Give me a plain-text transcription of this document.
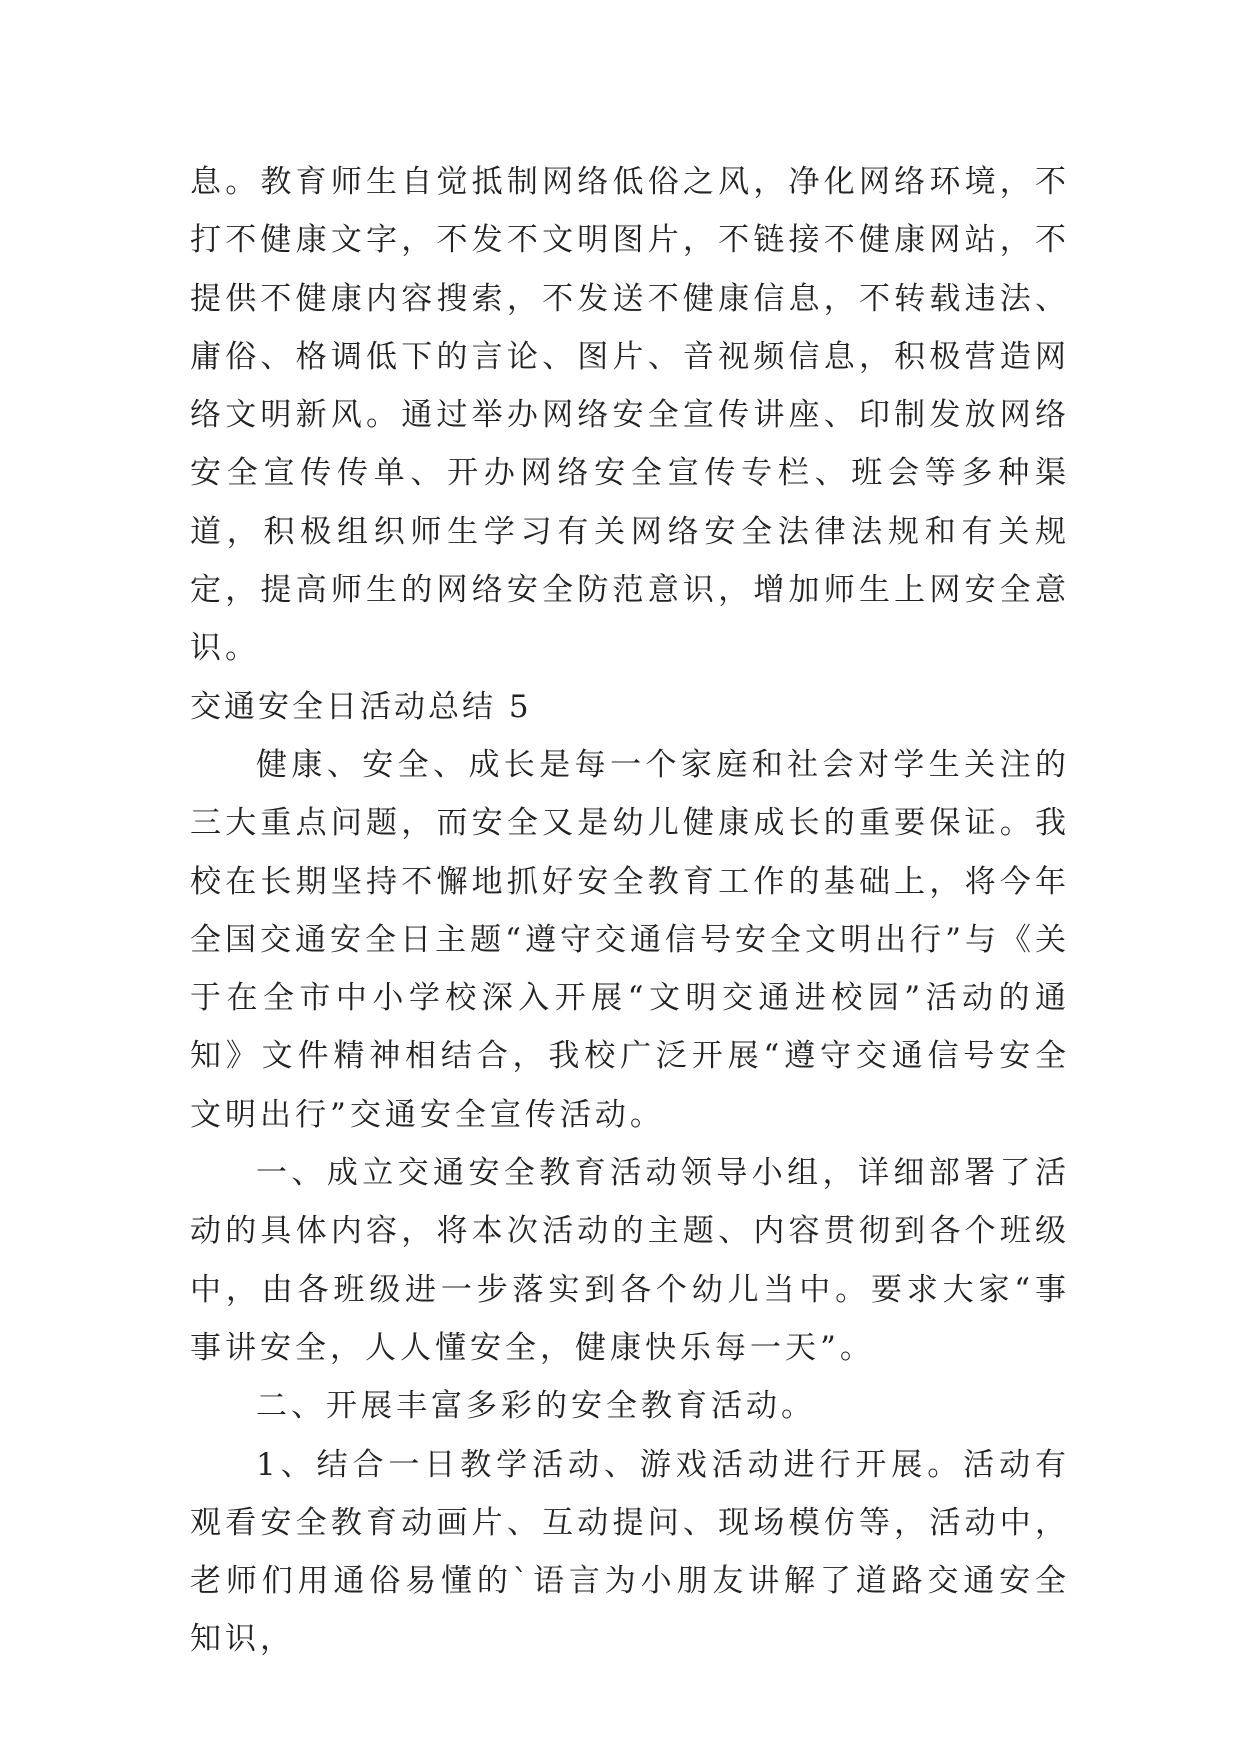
息。教育师生自觉抵制网络低俗之风，净化网络环境，不打不健康文字，不发不文明图片，不链接不健康网站，不提供不健康内容搜索，不发送不健康信息，不转载违法、庸俗、格调低下的言论、图片、音视频信息，积极营造网络文明新风。通过举办网络安全宣传讲座、印制发放网络安全宣传传单、开办网络安全宣传专栏、班会等多种渠道，积极组织师生学习有关网络安全法律法规和有关规定，提高师生的网络安全防范意识，增加师生上网安全意识。

交通安全日活动总结 5

健康、安全、成长是每一个家庭和社会对学生关注的三大重点问题，而安全又是幼儿健康成长的重要保证。我校在长期坚持不懈地抓好安全教育工作的基础上，将今年全国交通安全日主题“遵守交通信号安全文明出行”与《关于在全市中小学校深入开展“文明交通进校园”活动的通知》文件精神相结合，我校广泛开展“遵守交通信号安全文明出行”交通安全宣传活动。

一、成立交通安全教育活动领导小组，详细部署了活动的具体内容，将本次活动的主题、内容贯彻到各个班级中，由各班级进一步落实到各个幼儿当中。要求大家“事事讲安全，人人懂安全，健康快乐每一天”。

二、开展丰富多彩的安全教育活动。

1、结合一日教学活动、游戏活动进行开展。活动有观看安全教育动画片、互动提问、现场模仿等，活动中，老师们用通俗易懂的`语言为小朋友讲解了道路交通安全知识，
